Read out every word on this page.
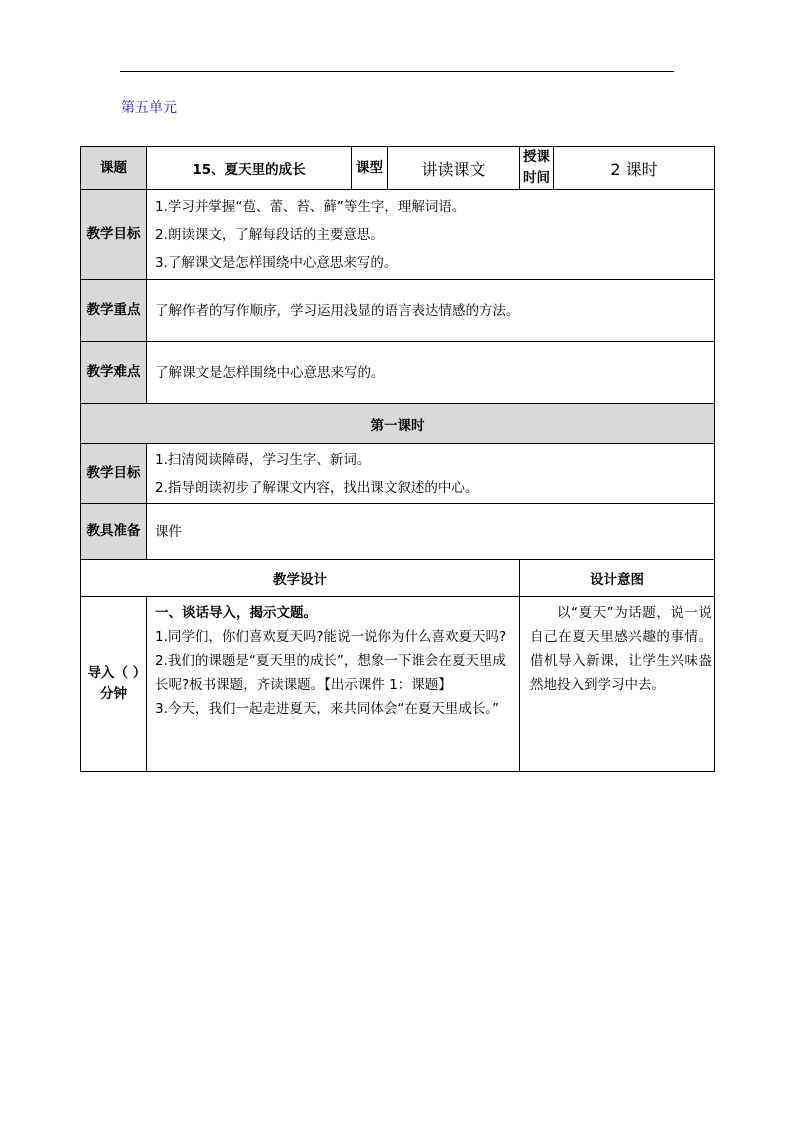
第五单元
课题	15、夏天里的成长	课型	讲读课文	授课时间	2 课时
教学目标	1.学习并掌握“苞、蕾、苔、藓”等生字，理解词语。
2.朗读课文，了解每段话的主要意思。
3.了解课文是怎样围绕中心意思来写的。				

教学重点	了解作者的写作顺序，学习运用浅显的语言表达情感的方法。				
教学难点	了解课文是怎样围绕中心意思来写的。				
第一课时					
教学目标	1.扫清阅读障碍，学习生字、新词。
2.指导朗读初步了解课文内容，找出课文叙述的中心。				

教具准备	课件				
教学设计				设计意图	
导入（ ）分钟	一、谈话导入，揭示文题。
1.同学们，你们喜欢夏天吗?能说一说你为什么喜欢夏天吗?
2.我们的课题是“夏天里的成长”，想象一下谁会在夏天里成长呢?板书课题，齐读课题。【出示课件 1：课题】
3.今天，我们一起走进夏天，来共同体会“在夏天里成长。”			以“夏天”为话题，说一说自己在夏天里感兴趣的事情。借机导入新课，让学生兴味盎然地投入到学习中去。	
